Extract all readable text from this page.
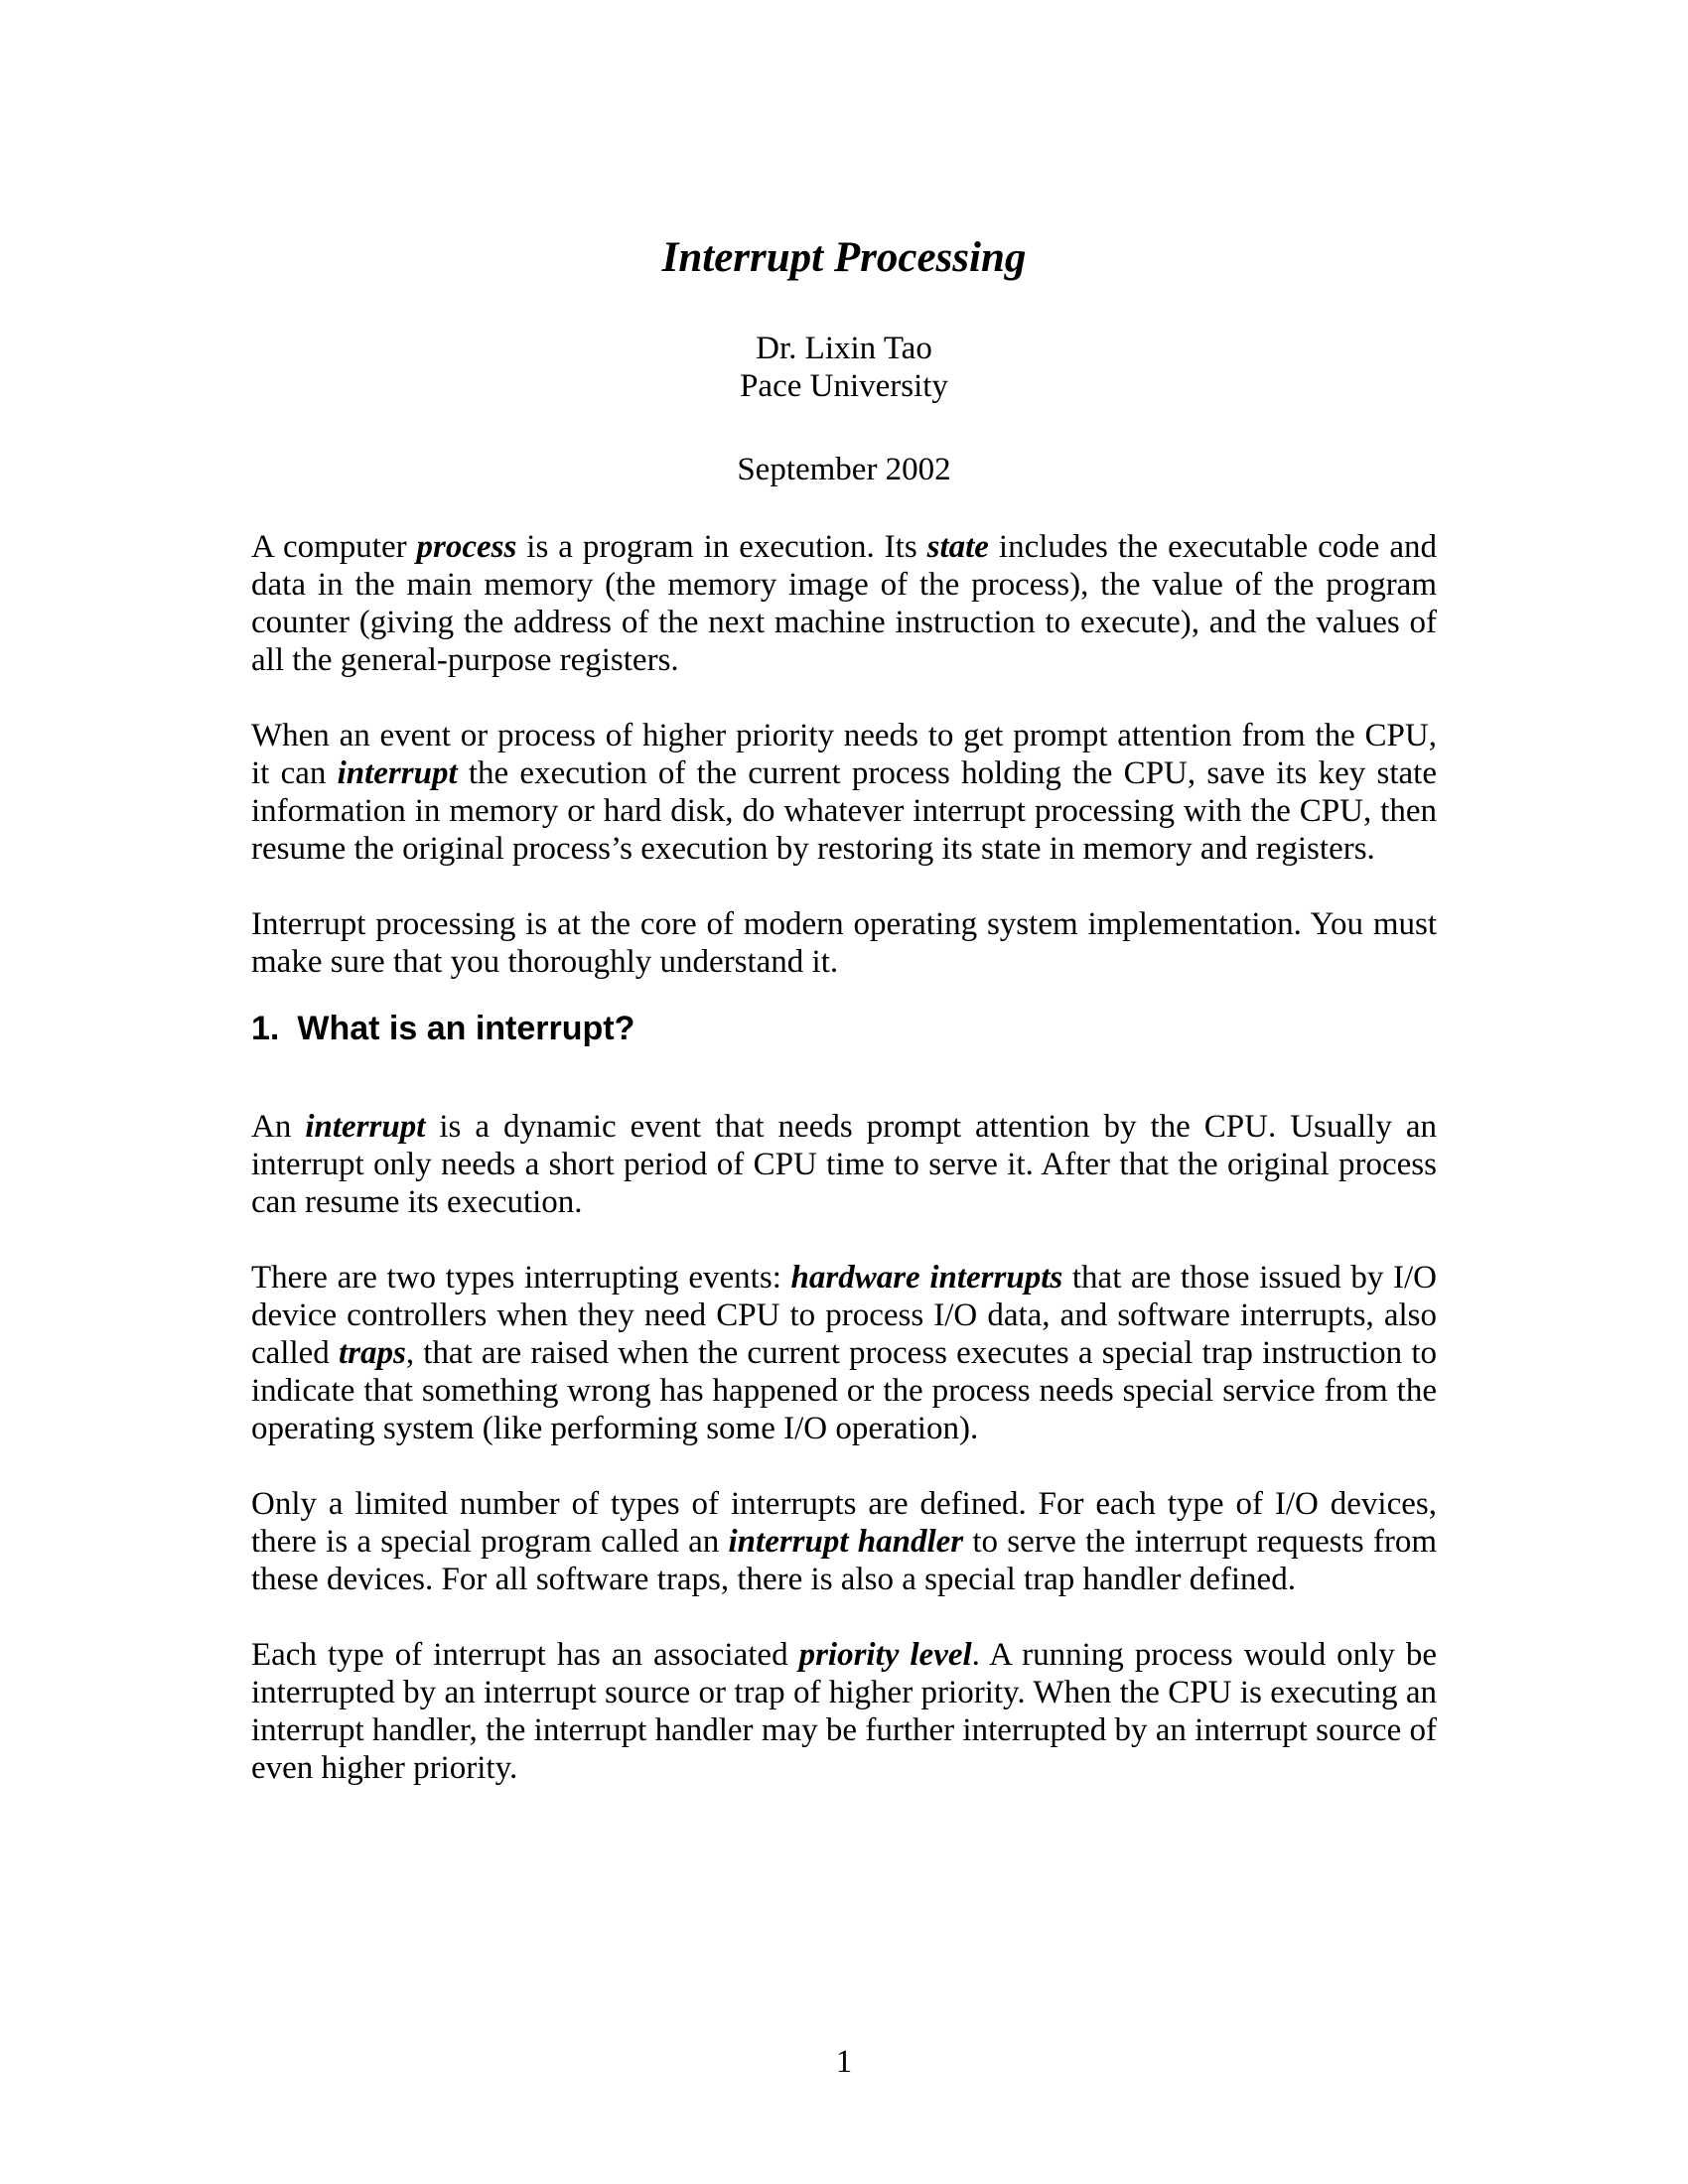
Interrupt Processing
Dr. Lixin Tao
Pace University
September 2002

A computer process is a program in execution. Its state includes the executable code and data in the main memory (the memory image of the process), the value of the program counter (giving the address of the next machine instruction to execute), and the values of all the general-purpose registers.

When an event or process of higher priority needs to get prompt attention from the CPU, it can interrupt the execution of the current process holding the CPU, save its key state information in memory or hard disk, do whatever interrupt processing with the CPU, then resume the original process’s execution by restoring its state in memory and registers.

Interrupt processing is at the core of modern operating system implementation. You must make sure that you thoroughly understand it.

1. What is an interrupt?

An interrupt is a dynamic event that needs prompt attention by the CPU. Usually an interrupt only needs a short period of CPU time to serve it. After that the original process can resume its execution.

There are two types interrupting events: hardware interrupts that are those issued by I/O device controllers when they need CPU to process I/O data, and software interrupts, also called traps, that are raised when the current process executes a special trap instruction to indicate that something wrong has happened or the process needs special service from the operating system (like performing some I/O operation).

Only a limited number of types of interrupts are defined. For each type of I/O devices, there is a special program called an interrupt handler to serve the interrupt requests from these devices. For all software traps, there is also a special trap handler defined.

Each type of interrupt has an associated priority level. A running process would only be interrupted by an interrupt source or trap of higher priority. When the CPU is executing an interrupt handler, the interrupt handler may be further interrupted by an interrupt source of even higher priority.

1
